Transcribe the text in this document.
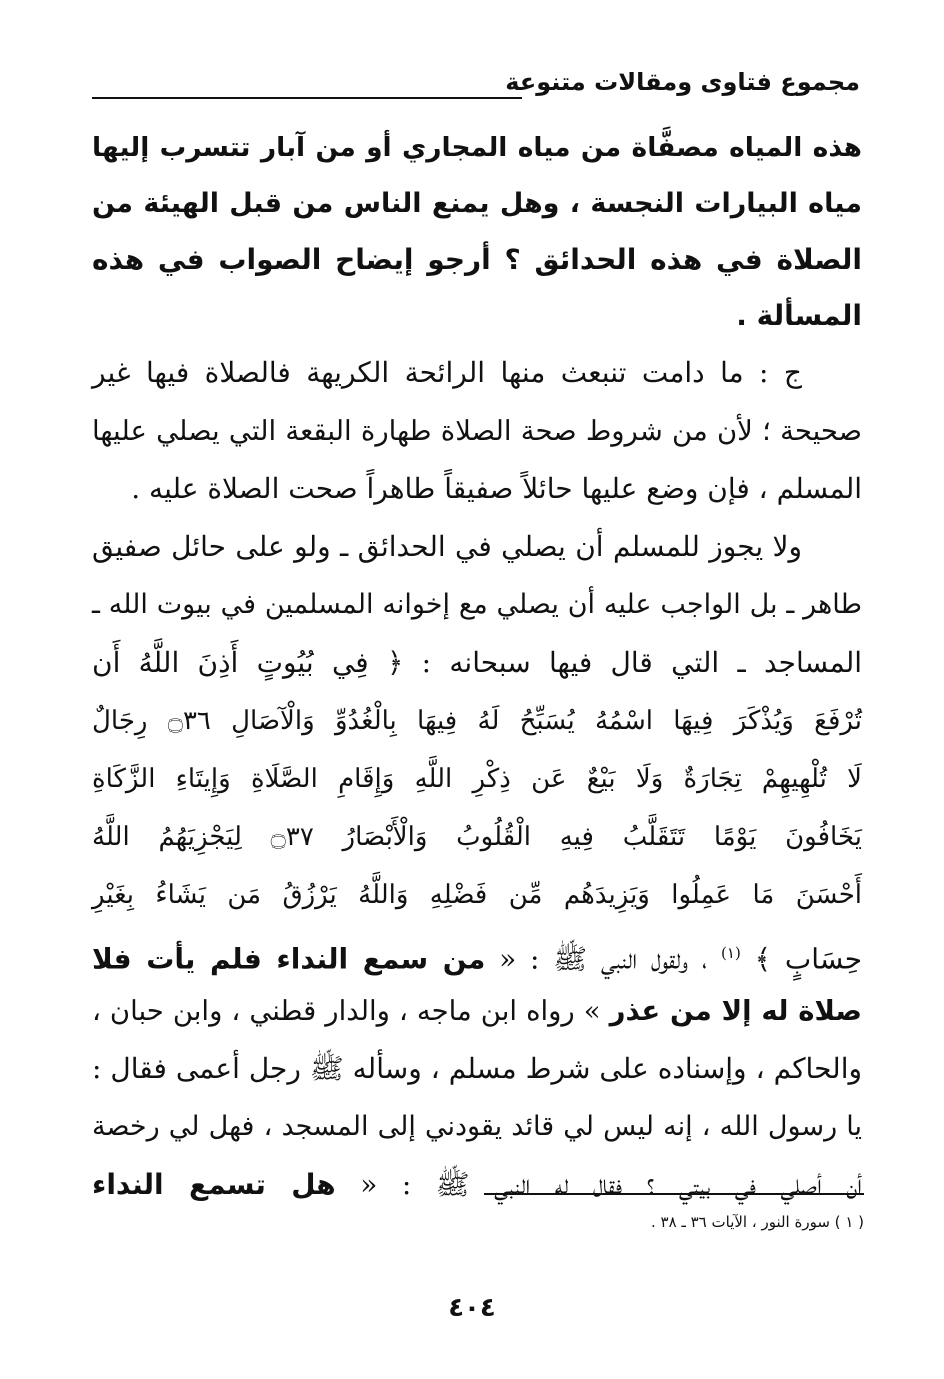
مجموع فتاوى ومقالات متنوعة
هذه المياه مصفَّاة من مياه المجاري أو من آبار تتسرب إليها
مياه البيارات النجسة ، وهل يمنع الناس من قبل الهيئة من
الصلاة في هذه الحدائق ؟ أرجو إيضاح الصواب في هذه
المسألة .
ج : ما دامت تنبعث منها الرائحة الكريهة فالصلاة فيها غير
صحيحة ؛ لأن من شروط صحة الصلاة طهارة البقعة التي يصلي عليها
المسلم ، فإن وضع عليها حائلاً صفيقاً طاهراً صحت الصلاة عليه .
ولا يجوز للمسلم أن يصلي في الحدائق ـ ولو على حائل صفيق
طاهر ـ بل الواجب عليه أن يصلي مع إخوانه المسلمين في بيوت الله ـ
المساجد ـ التي قال فيها سبحانه : ﴿ فِي بُيُوتٍ أَذِنَ اللَّهُ أَن
تُرْفَعَ وَيُذْكَرَ فِيهَا اسْمُهُ يُسَبِّحُ لَهُ فِيهَا بِالْغُدُوِّ وَالْآصَالِ ۝٣٦ رِجَالٌ
لَا تُلْهِيهِمْ تِجَارَةٌ وَلَا بَيْعٌ عَن ذِكْرِ اللَّهِ وَإِقَامِ الصَّلَاةِ وَإِيتَاءِ الزَّكَاةِ
يَخَافُونَ يَوْمًا تَتَقَلَّبُ فِيهِ الْقُلُوبُ وَالْأَبْصَارُ ۝٣٧ لِيَجْزِيَهُمُ اللَّهُ
أَحْسَنَ مَا عَمِلُوا وَيَزِيدَهُم مِّن فَضْلِهِ وَاللَّهُ يَرْزُقُ مَن يَشَاءُ بِغَيْرِ
حِسَابٍ ﴾ $^{(١)}$ ، ولقول النبي ﷺ : « من سمع النداء فلم يأت فلا
صلاة له إلا من عذر » رواه ابن ماجه ، والدار قطني ، وابن حبان ،
والحاكم ، وإسناده على شرط مسلم ، وسأله ﷺ رجل أعمى فقال :
يا رسول الله ، إنه ليس لي قائد يقودني إلى المسجد ، فهل لي رخصة
أن أصلي في بيتي ؟ فقال له النبي ﷺ : « هل تسمع النداء
( ١ ) سورة النور ، الآيات ٣٦ ـ ٣٨ .
٤٠٤
